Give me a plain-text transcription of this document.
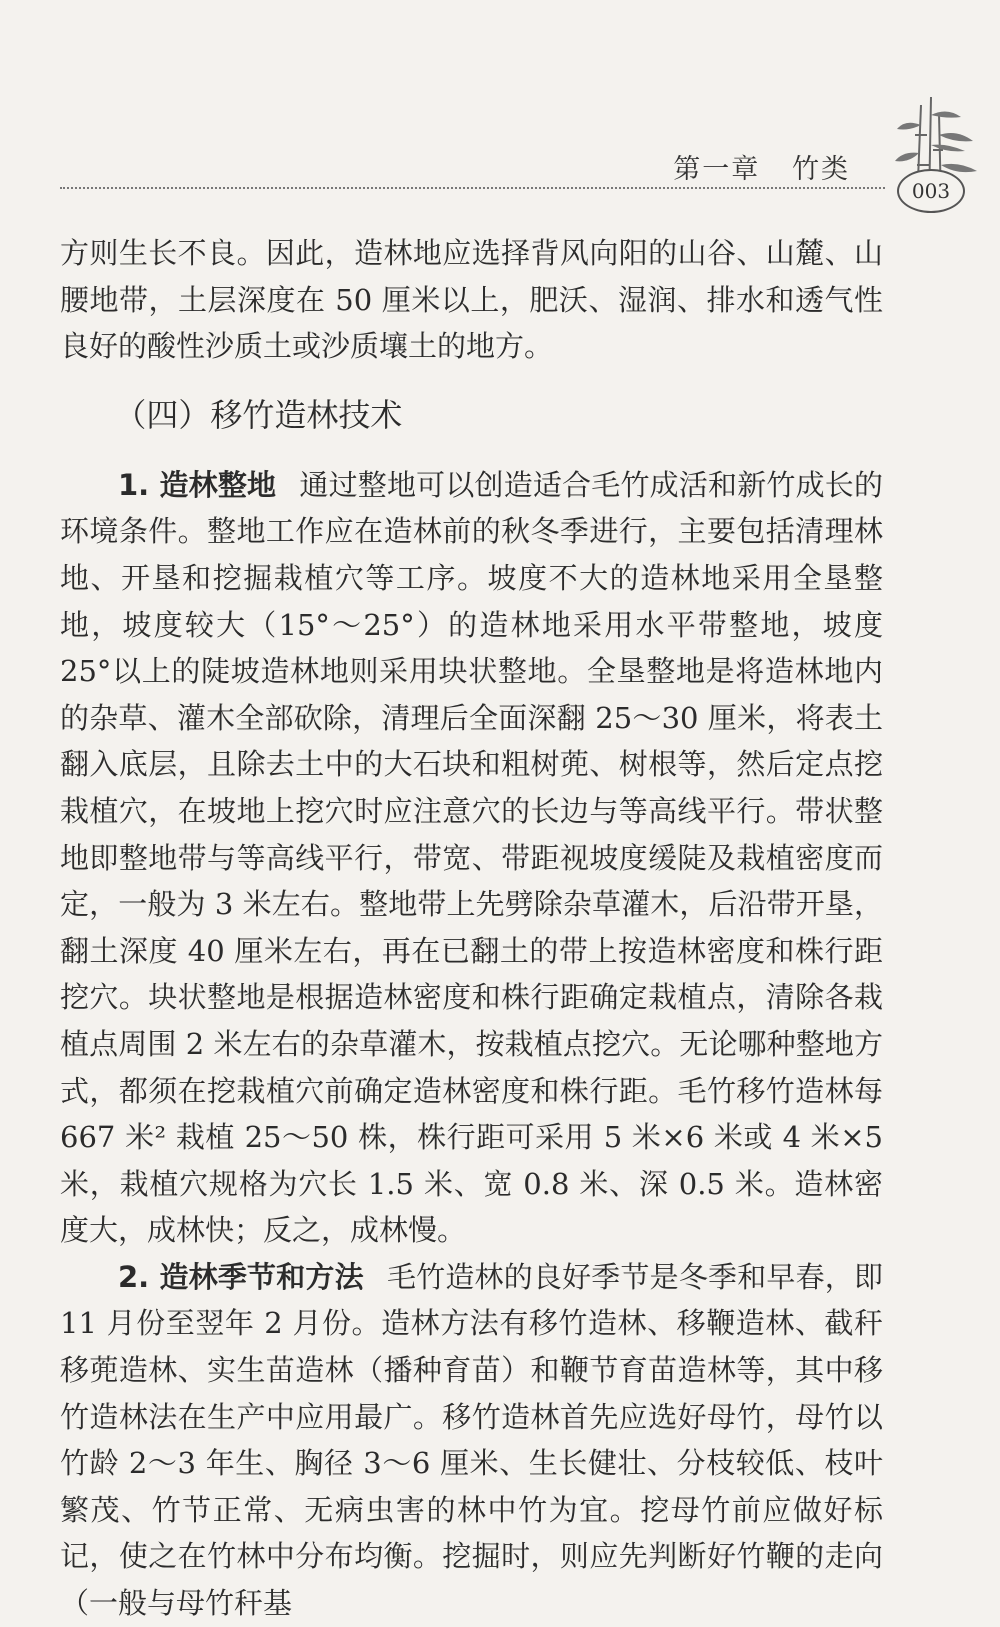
第一章   竹类
003

方则生长不良。因此，造林地应选择背风向阳的山谷、山麓、山腰地带，土层深度在 50 厘米以上，肥沃、湿润、排水和透气性良好的酸性沙质土或沙质壤土的地方。

（四）移竹造林技术

1. 造林整地 通过整地可以创造适合毛竹成活和新竹成长的环境条件。整地工作应在造林前的秋冬季进行，主要包括清理林地、开垦和挖掘栽植穴等工序。坡度不大的造林地采用全垦整地，坡度较大（15°～25°）的造林地采用水平带整地，坡度 25°以上的陡坡造林地则采用块状整地。全垦整地是将造林地内的杂草、灌木全部砍除，清理后全面深翻 25～30 厘米，将表土翻入底层，且除去土中的大石块和粗树蔸、树根等，然后定点挖栽植穴，在坡地上挖穴时应注意穴的长边与等高线平行。带状整地即整地带与等高线平行，带宽、带距视坡度缓陡及栽植密度而定，一般为 3 米左右。整地带上先劈除杂草灌木，后沿带开垦，翻土深度 40 厘米左右，再在已翻土的带上按造林密度和株行距挖穴。块状整地是根据造林密度和株行距确定栽植点，清除各栽植点周围 2 米左右的杂草灌木，按栽植点挖穴。无论哪种整地方式，都须在挖栽植穴前确定造林密度和株行距。毛竹移竹造林每 667 米² 栽植 25～50 株，株行距可采用 5 米×6 米或 4 米×5 米，栽植穴规格为穴长 1.5 米、宽 0.8 米、深 0.5 米。造林密度大，成林快；反之，成林慢。

2. 造林季节和方法 毛竹造林的良好季节是冬季和早春，即 11 月份至翌年 2 月份。造林方法有移竹造林、移鞭造林、截秆移蔸造林、实生苗造林（播种育苗）和鞭节育苗造林等，其中移竹造林法在生产中应用最广。移竹造林首先应选好母竹，母竹以竹龄 2～3 年生、胸径 3～6 厘米、生长健壮、分枝较低、枝叶繁茂、竹节正常、无病虫害的林中竹为宜。挖母竹前应做好标记，使之在竹林中分布均衡。挖掘时，则应先判断好竹鞭的走向（一般与母竹秆基
